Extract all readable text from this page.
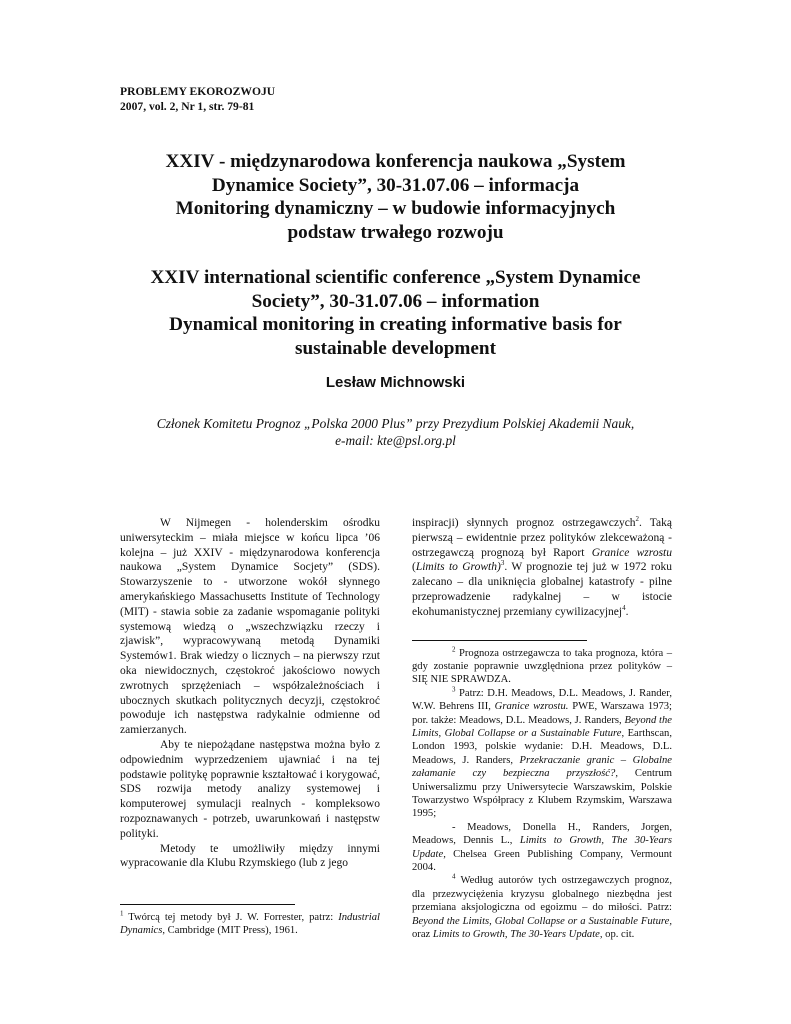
PROBLEMY EKOROZWOJU
2007, vol. 2, Nr 1, str. 79-81
XXIV - międzynarodowa konferencja naukowa „System
Dynamice Society”, 30-31.07.06 – informacja
Monitoring dynamiczny – w budowie informacyjnych
podstaw trwałego rozwoju
XXIV international scientific conference „System Dynamice
Society”, 30-31.07.06 – information
Dynamical monitoring in creating informative basis for
sustainable development
Lesław Michnowski
Członek Komitetu Prognoz „Polska 2000 Plus” przy Prezydium Polskiej Akademii Nauk,
e-mail: kte@psl.org.pl

W Nijmegen - holenderskim ośrodku uniwersyteckim – miała miejsce w końcu lipca ’06 kolejna – już XXIV - międzynarodowa konferencja naukowa „System Dynamice Socjety” (SDS). Stowarzyszenie to - utworzone wokół słynnego amerykańskiego Massachusetts Institute of Technology (MIT) - stawia sobie za zadanie wspomaganie polityki systemową wiedzą o „wszechzwiązku rzeczy i zjawisk”, wypracowywaną metodą Dynamiki Systemów1. Brak wiedzy o licznych – na pierwszy rzut oka niewidocznych, częstokroć jakościowo nowych zwrotnych sprzężeniach – współzależnościach i ubocznych skutkach politycznych decyzji, częstokroć powoduje ich następstwa radykalnie odmienne od zamierzanych.

Aby te niepożądane następstwa można było z odpowiednim wyprzedzeniem ujawniać i na tej podstawie politykę poprawnie kształtować i korygować, SDS rozwija metody analizy systemowej i komputerowej symulacji realnych - kompleksowo rozpoznawanych - potrzeb, uwarunkowań i następstw polityki.

Metody te umożliwiły między innymi wypracowanie dla Klubu Rzymskiego (lub z jego

$^1$ Twórcą tej metody był J. W. Forrester, patrz: Industrial Dynamics, Cambridge (MIT Press), 1961.

inspiracji) słynnych prognoz ostrzegawczych$^2$. Taką pierwszą – ewidentnie przez polityków zlekceważoną - ostrzegawczą prognozą był Raport Granice wzrostu (Limits to Growth)$^3$. W prognozie tej już w 1972 roku zalecano – dla uniknięcia globalnej katastrofy - pilne przeprowadzenie radykalnej – w istocie ekohumanistycznej przemiany cywilizacyjnej$^4$.

$^2$ Prognoza ostrzegawcza to taka prognoza, która – gdy zostanie poprawnie uwzględniona przez polityków – SIĘ NIE SPRAWDZA.

$^3$ Patrz: D.H. Meadows, D.L. Meadows, J. Rander, W.W. Behrens III, Granice wzrostu. PWE, Warszawa 1973; por. także: Meadows, D.L. Meadows, J. Randers, Beyond the Limits, Global Collapse or a Sustainable Future, Earthscan, London 1993, polskie wydanie: D.H. Meadows, D.L. Meadows, J. Randers, Przekraczanie granic – Globalne załamanie czy bezpieczna przyszłość?, Centrum Uniwersalizmu przy Uniwersytecie Warszawskim, Polskie Towarzystwo Współpracy z Klubem Rzymskim, Warszawa 1995;

- Meadows, Donella H., Randers, Jorgen, Meadows, Dennis L., Limits to Growth, The 30-Years Update, Chelsea Green Publishing Company, Vermount 2004.

$^4$ Według autorów tych ostrzegawczych prognoz, dla przezwyciężenia kryzysu globalnego niezbędna jest przemiana aksjologiczna od egoizmu – do miłości. Patrz: Beyond the Limits, Global Collapse or a Sustainable Future, oraz Limits to Growth, The 30-Years Update, op. cit.
